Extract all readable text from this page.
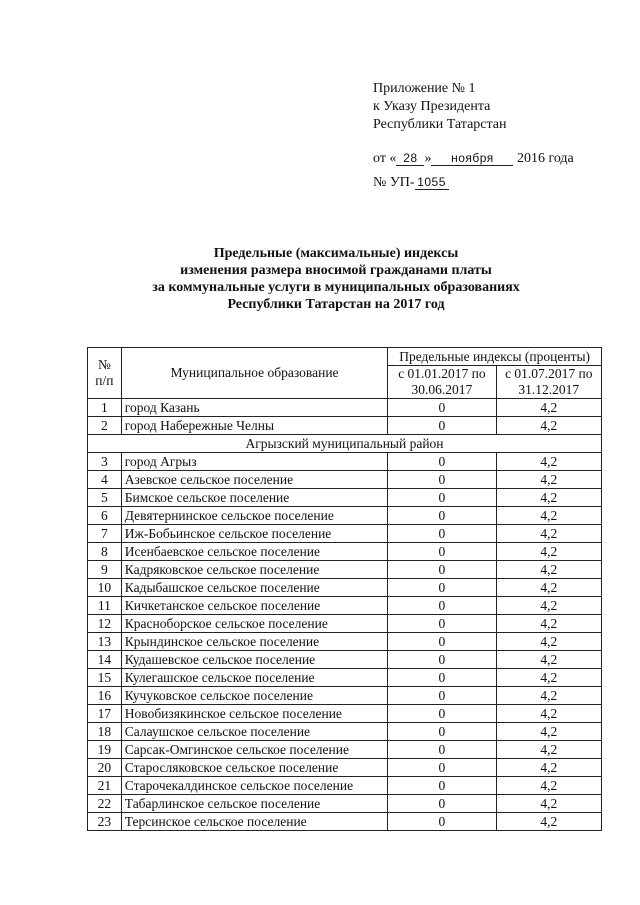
Приложение № 1
к Указу Президента
Республики Татарстан
от « 28 » ноября 2016 года
№ УП- 1055
Предельные (максимальные) индексы
изменения размера вносимой гражданами платы
за коммунальные услуги в муниципальных образованиях
Республики Татарстан на 2017 год
№ п/п	Муниципальное образование	Предельные индексы (проценты)	
		с 01.01.2017 по 30.06.2017	с 01.07.2017 по 31.12.2017
1	город Казань	0	4,2
2	город Набережные Челны	0	4,2
Агрызский муниципальный район			
3	город Агрыз	0	4,2
4	Азевское сельское поселение	0	4,2
5	Бимское сельское поселение	0	4,2
6	Девятернинское сельское поселение	0	4,2
7	Иж-Бобьинское сельское поселение	0	4,2
8	Исенбаевское сельское поселение	0	4,2
9	Кадряковское сельское поселение	0	4,2
10	Кадыбашское сельское поселение	0	4,2
11	Кичкетанское сельское поселение	0	4,2
12	Красноборское сельское поселение	0	4,2
13	Крындинское сельское поселение	0	4,2
14	Кудашевское сельское поселение	0	4,2
15	Кулегашское сельское поселение	0	4,2
16	Кучуковское сельское поселение	0	4,2
17	Новобизякинское сельское поселение	0	4,2
18	Салаушское сельское поселение	0	4,2
19	Сарсак-Омгинское сельское поселение	0	4,2
20	Старосляковское сельское поселение	0	4,2
21	Старочекалдинское сельское поселение	0	4,2
22	Табарлинское сельское поселение	0	4,2
23	Терсинское сельское поселение	0	4,2
